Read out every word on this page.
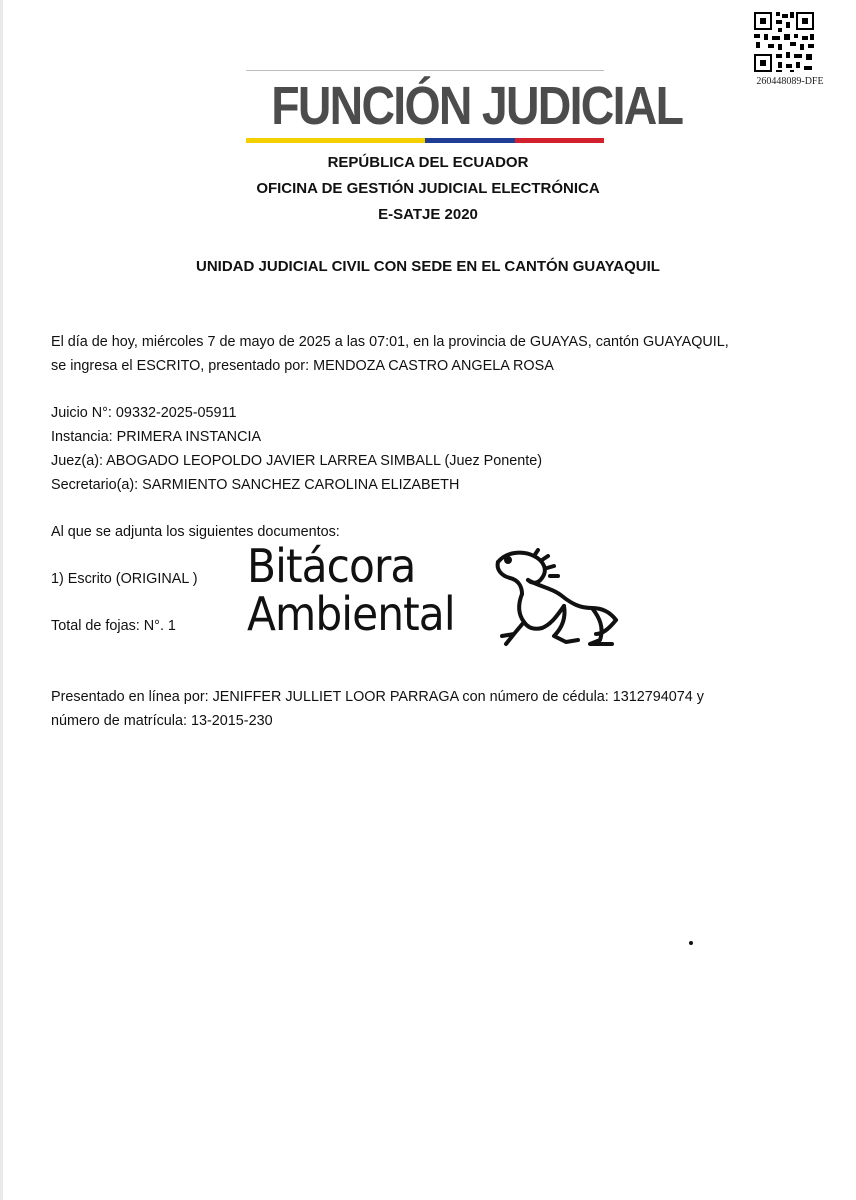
260448089-DFE
FUNCIÓN JUDICIAL
REPÚBLICA DEL ECUADOR
OFICINA DE GESTIÓN JUDICIAL ELECTRÓNICA
E-SATJE 2020
UNIDAD JUDICIAL CIVIL CON SEDE EN EL CANTÓN GUAYAQUIL
El día de hoy, miércoles 7 de mayo de 2025 a las 07:01, en la provincia de GUAYAS, cantón GUAYAQUIL,
se ingresa el ESCRITO, presentado por: MENDOZA CASTRO ANGELA ROSA
Juicio N°: 09332-2025-05911
Instancia: PRIMERA INSTANCIA
Juez(a): ABOGADO LEOPOLDO JAVIER LARREA SIMBALL (Juez Ponente)
Secretario(a): SARMIENTO SANCHEZ CAROLINA ELIZABETH
Al que se adjunta los siguientes documentos:
1) Escrito (ORIGINAL )
Total de fojas: N°. 1
Presentado en línea por: JENIFFER JULLIET LOOR PARRAGA con número de cédula: 1312794074 y
número de matrícula: 13-2015-230
Bitácora
Ambiental
